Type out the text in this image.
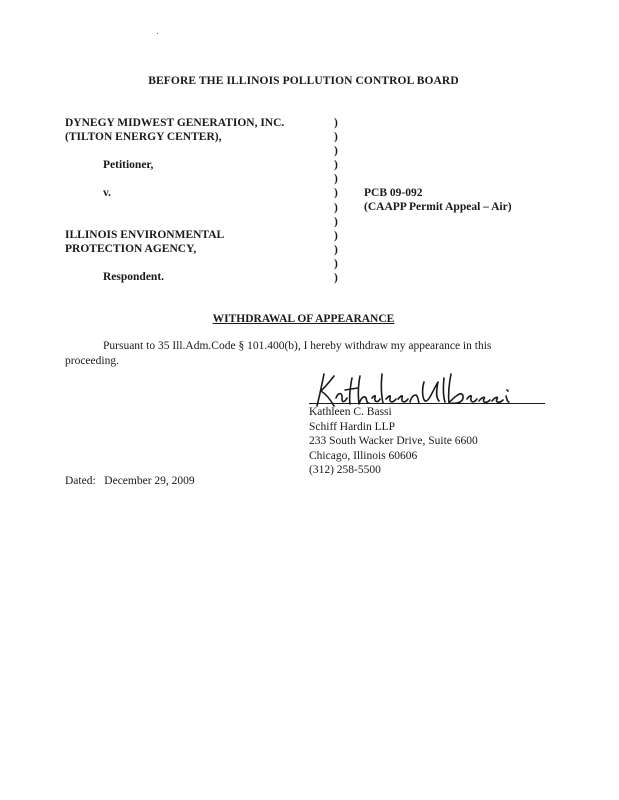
BEFORE THE ILLINOIS POLLUTION CONTROL BOARD
DYNEGY MIDWEST GENERATION, INC.
(TILTON ENERGY CENTER),
Petitioner,
v.
ILLINOIS ENVIRONMENTAL
PROTECTION AGENCY,
Respondent.
)
)
)
)
)
)
)
)
)
)
)
)
PCB 09-092
(CAAPP Permit Appeal – Air)
WITHDRAWAL OF APPEARANCE
Pursuant to 35 Ill.Adm.Code § 101.400(b), I hereby withdraw my appearance in this
proceeding.
Kathleen C. Bassi
Schiff Hardin LLP
233 South Wacker Drive, Suite 6600
Chicago, Illinois 60606
(312) 258-5500
Dated:   December 29, 2009
